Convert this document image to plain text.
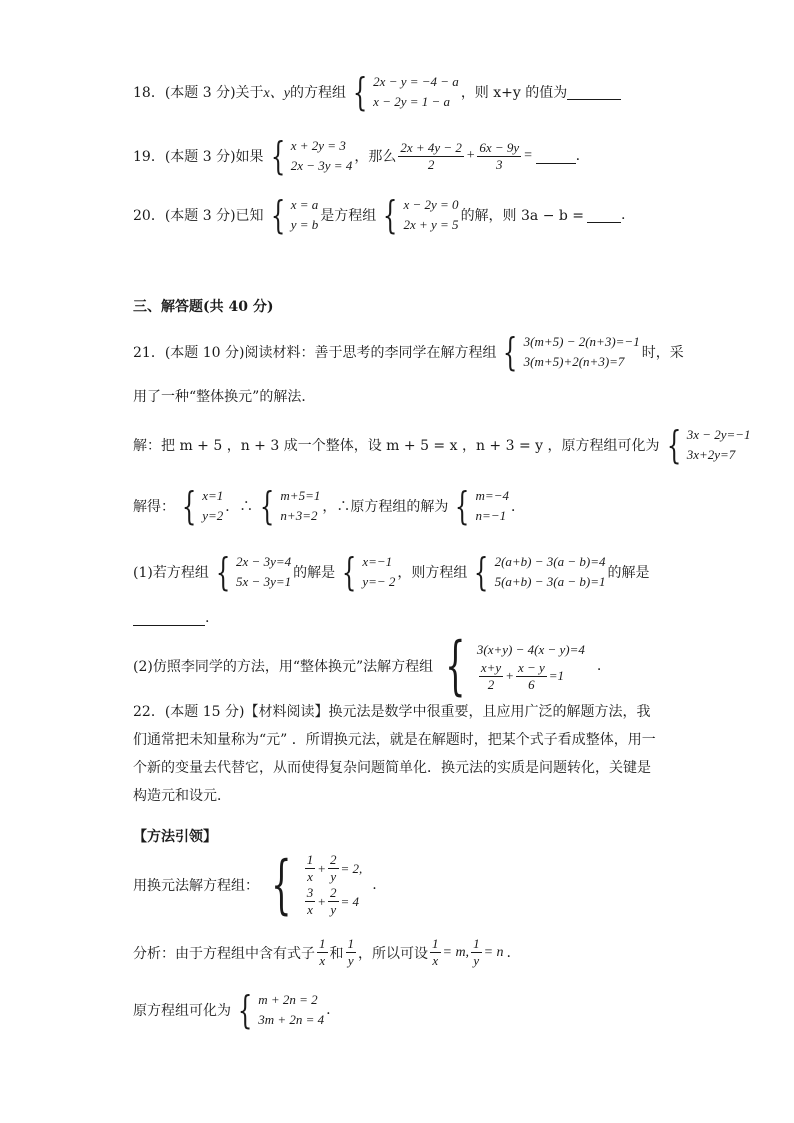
18．(本题 3 分)关于 x、y 的方程组 { 2x − y = −4 − a
x − 2y = 1 − a
，则 x+y 的值为
19．(本题 3 分)如果 { x + 2y = 3
2x − 3y = 4
，那么 $\frac{2x + 4y - 2}{2} + \frac{6x - 9y}{3}$ =	.
20．(本题 3 分)已知 { x = a
y = b
是方程组 { x − 2y = 0
2x + y = 5
的解，则 3a − b =	.
三、解答题(共 40 分)
21．(本题 10 分)阅读材料：善于思考的李同学在解方程组 { 3(m+5) − 2(n+3)=−1
3(m+5)+2(n+3)=7
时，采
用了一种“整体换元”的解法．
解：把 m + 5 ，n + 3 成一个整体，设 m + 5 = x ，n + 3 = y ，原方程组可化为 { 3x − 2y=−1
3x+2y=7
解得： { x=1
y=2
．∴ { m+5=1
n+3=2
，∴原方程组的解为 { m=−4
n=−1
．
(1)若方程组 { 2x − 3y=4
5x − 3y=1
的解是 { x=−1
y=− 2
，则方程组 { 2(a+b) − 3(a − b)=4
5(a+b) − 3(a − b)=1
的解是
.
(2)仿照李同学的方法，用“整体换元”法解方程组 { 3(x+y) − 4(x − y)=4
$\frac{x+y}{2} + \frac{x - y}{6} =1$
.
22．(本题 15 分)【材料阅读】换元法是数学中很重要，且应用广泛的解题方法，我们通常把未知量称为“元” ．所谓换元法，就是在解题时，把某个式子看成整体，用一个新的变量去代替它，从而使得复杂问题简单化．换元法的实质是问题转化，关键是构造元和设元．
【方法引领】
用换元法解方程组： { $\frac{1}{x} + \frac{2}{y} = 2$,
$\frac{3}{x} + \frac{2}{y} = 4$
.
分析：由于方程组中含有式子 $\frac{1}{x}$ 和 $\frac{1}{y}$ ，所以可设 $\frac{1}{x} = m$, $\frac{1}{y} = n$ .
原方程组可化为 { m + 2n = 2
3m + 2n = 4
.
